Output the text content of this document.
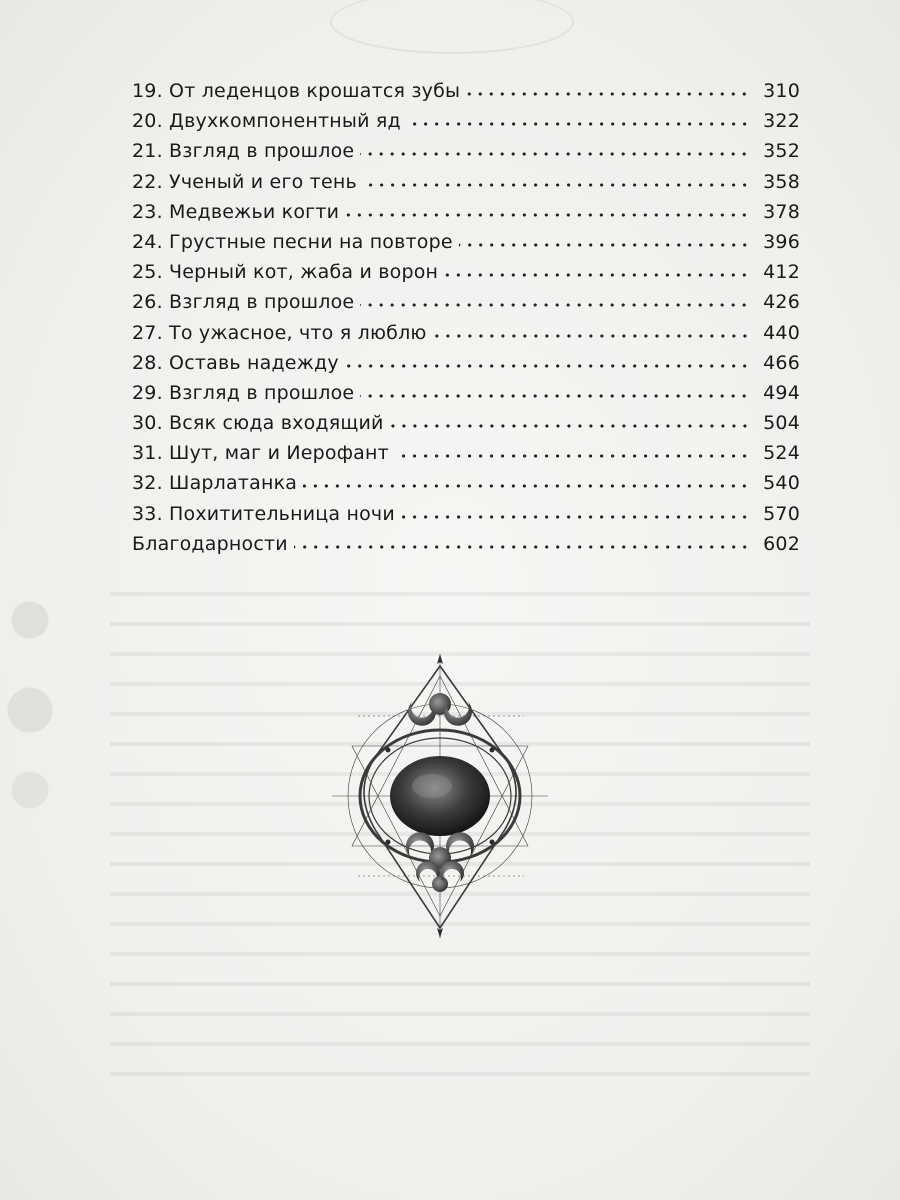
19. От леденцов крошатся зубы	310
20. Двухкомпонентный яд	322
21. Взгляд в прошлое	352
22. Ученый и его тень	358
23. Медвежьи когти	378
24. Грустные песни на повторе	396
25. Черный кот, жаба и ворон	412
26. Взгляд в прошлое	426
27. То ужасное, что я люблю	440
28. Оставь надежду	466
29. Взгляд в прошлое	494
30. Всяк сюда входящий	504
31. Шут, маг и Иерофант	524
32. Шарлатанка	540
33. Похитительница ночи	570
Благодарности	602
